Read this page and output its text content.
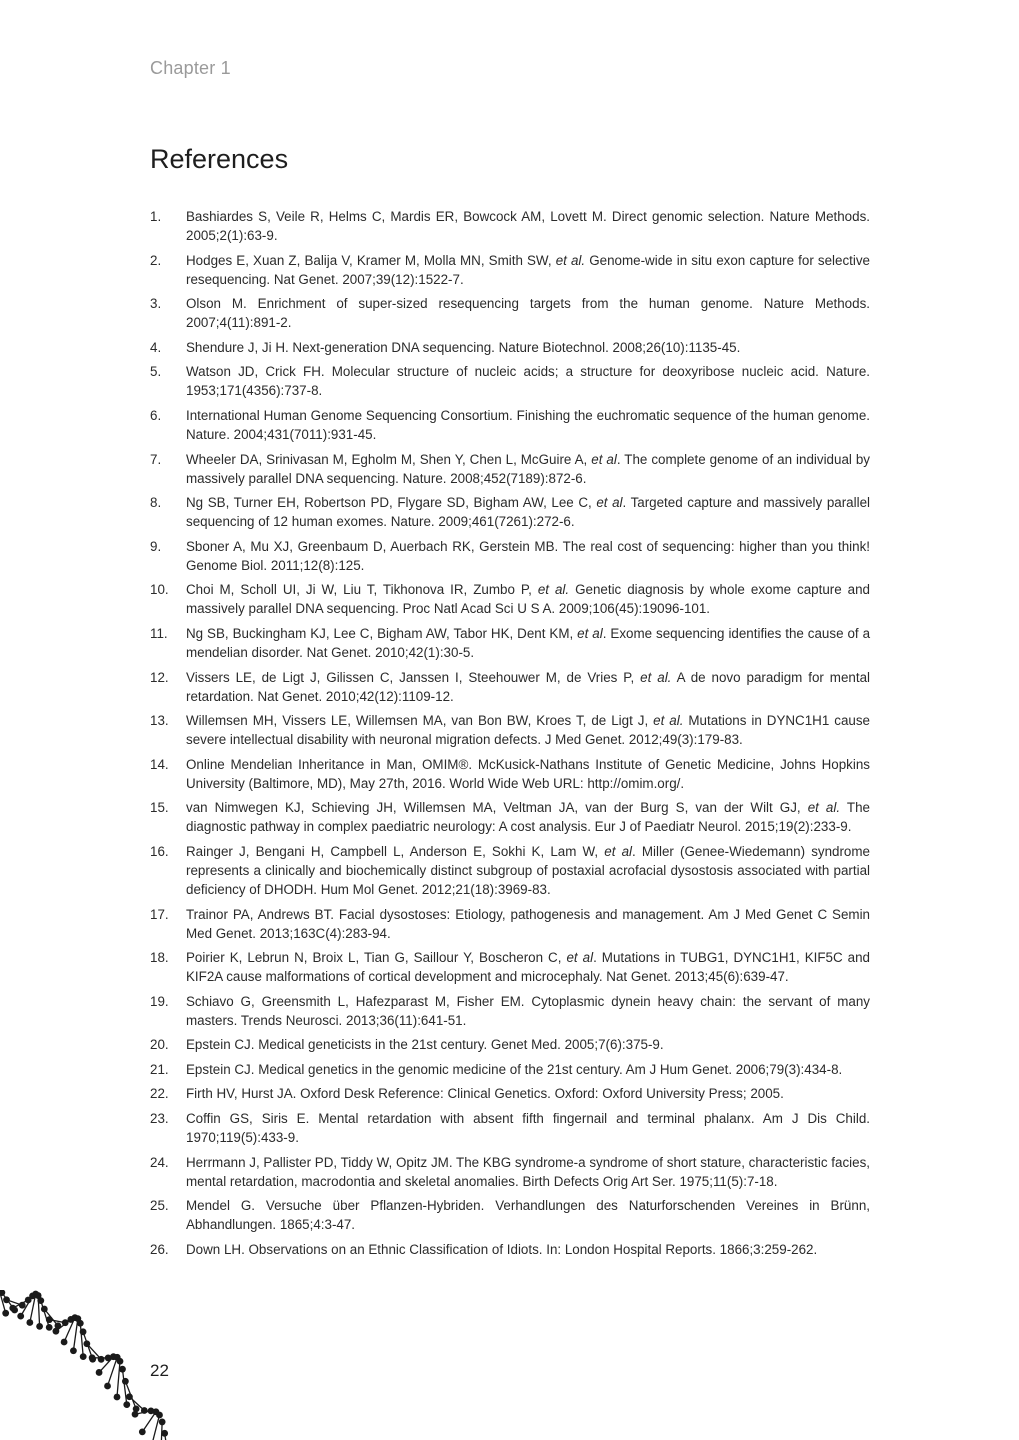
Chapter 1
References
1.	Bashiardes S, Veile R, Helms C, Mardis ER, Bowcock AM, Lovett M. Direct genomic selection. Nature Methods. 2005;2(1):63-9.
2.	Hodges E, Xuan Z, Balija V, Kramer M, Molla MN, Smith SW, et al. Genome-wide in situ exon capture for selective resequencing. Nat Genet. 2007;39(12):1522-7.
3.	Olson M. Enrichment of super-sized resequencing targets from the human genome. Nature Methods. 2007;4(11):891-2.
4.	Shendure J, Ji H. Next-generation DNA sequencing. Nature Biotechnol. 2008;26(10):1135-45.
5.	Watson JD, Crick FH. Molecular structure of nucleic acids; a structure for deoxyribose nucleic acid. Nature. 1953;171(4356):737-8.
6.	International Human Genome Sequencing Consortium. Finishing the euchromatic sequence of the human genome. Nature. 2004;431(7011):931-45.
7.	Wheeler DA, Srinivasan M, Egholm M, Shen Y, Chen L, McGuire A, et al. The complete genome of an individual by massively parallel DNA sequencing. Nature. 2008;452(7189):872-6.
8.	Ng SB, Turner EH, Robertson PD, Flygare SD, Bigham AW, Lee C, et al. Targeted capture and massively parallel sequencing of 12 human exomes. Nature. 2009;461(7261):272-6.
9.	Sboner A, Mu XJ, Greenbaum D, Auerbach RK, Gerstein MB. The real cost of sequencing: higher than you think! Genome Biol. 2011;12(8):125.
10.	Choi M, Scholl UI, Ji W, Liu T, Tikhonova IR, Zumbo P, et al. Genetic diagnosis by whole exome capture and massively parallel DNA sequencing. Proc Natl Acad Sci U S A. 2009;106(45):19096-101.
11.	Ng SB, Buckingham KJ, Lee C, Bigham AW, Tabor HK, Dent KM, et al. Exome sequencing identifies the cause of a mendelian disorder. Nat Genet. 2010;42(1):30-5.
12.	Vissers LE, de Ligt J, Gilissen C, Janssen I, Steehouwer M, de Vries P, et al. A de novo paradigm for mental retardation. Nat Genet. 2010;42(12):1109-12.
13.	Willemsen MH, Vissers LE, Willemsen MA, van Bon BW, Kroes T, de Ligt J, et al. Mutations in DYNC1H1 cause severe intellectual disability with neuronal migration defects. J Med Genet. 2012;49(3):179-83.
14.	Online Mendelian Inheritance in Man, OMIM®. McKusick-Nathans Institute of Genetic Medicine, Johns Hopkins University (Baltimore, MD), May 27th, 2016. World Wide Web URL: http://omim.org/.
15.	van Nimwegen KJ, Schieving JH, Willemsen MA, Veltman JA, van der Burg S, van der Wilt GJ, et al. The diagnostic pathway in complex paediatric neurology: A cost analysis. Eur J of Paediatr Neurol. 2015;19(2):233-9.
16.	Rainger J, Bengani H, Campbell L, Anderson E, Sokhi K, Lam W, et al. Miller (Genee-Wiedemann) syndrome represents a clinically and biochemically distinct subgroup of postaxial acrofacial dysostosis associated with partial deficiency of DHODH. Hum Mol Genet. 2012;21(18):3969-83.
17.	Trainor PA, Andrews BT. Facial dysostoses: Etiology, pathogenesis and management. Am J Med Genet C Semin Med Genet. 2013;163C(4):283-94.
18.	Poirier K, Lebrun N, Broix L, Tian G, Saillour Y, Boscheron C, et al. Mutations in TUBG1, DYNC1H1, KIF5C and KIF2A cause malformations of cortical development and microcephaly. Nat Genet. 2013;45(6):639-47.
19.	Schiavo G, Greensmith L, Hafezparast M, Fisher EM. Cytoplasmic dynein heavy chain: the servant of many masters. Trends Neurosci. 2013;36(11):641-51.
20.	Epstein CJ. Medical geneticists in the 21st century. Genet Med. 2005;7(6):375-9.
21.	Epstein CJ. Medical genetics in the genomic medicine of the 21st century. Am J Hum Genet. 2006;79(3):434-8.
22.	Firth HV, Hurst JA. Oxford Desk Reference: Clinical Genetics. Oxford: Oxford University Press; 2005.
23.	Coffin GS, Siris E. Mental retardation with absent fifth fingernail and terminal phalanx. Am J Dis Child. 1970;119(5):433-9.
24.	Herrmann J, Pallister PD, Tiddy W, Opitz JM. The KBG syndrome-a syndrome of short stature, characteristic facies, mental retardation, macrodontia and skeletal anomalies. Birth Defects Orig Art Ser. 1975;11(5):7-18.
25.	Mendel G. Versuche über Pflanzen-Hybriden. Verhandlungen des Naturforschenden Vereines in Brünn, Abhandlungen. 1865;4:3-47.
26.	Down LH. Observations on an Ethnic Classification of Idiots. In: London Hospital Reports. 1866;3:259-262.
22
